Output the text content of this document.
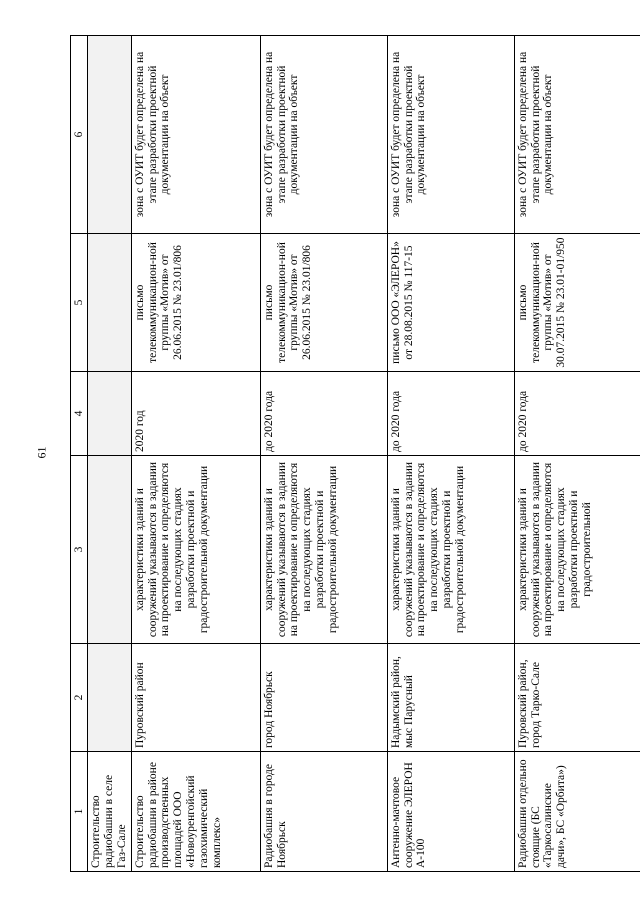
61
1	2	3	4	5	6
Строительство радиобашни в селе Газ-Сале					
Строительство радиобашни в районе производственных площадей ООО «Новоуренгойский газохимический комплекс»	Пуровский район	характеристики зданий и сооружений указываются в задании на проектирование и определяются на последующих стадиях разработки проектной и градостроительной документации	2020 год	письмо телекоммуникацион-ной группы «Мотив» от 26.06.2015 № 23.01/806	зона с ОУИТ будет определена на этапе разработки проектной документации на объект
Радиобашня в городе Ноябрьск	город Ноябрьск	характеристики зданий и сооружений указываются в задании на проектирование и определяются на последующих стадиях разработки проектной и градостроительной документации	до 2020 года	письмо телекоммуникацион-ной группы «Мотив» от 26.06.2015 № 23.01/806	зона с ОУИТ будет определена на этапе разработки проектной документации на объект
Антенно-мачтовое сооружение ЭЛЕРОН А-100	Надымский район, мыс Парусный	характеристики зданий и сооружений указываются в задании на проектирование и определяются на последующих стадиях разработки проектной и градостроительной документации	до 2020 года	письмо ООО «ЭЛЕРОН» от 28.08.2015 № 117-15	зона с ОУИТ будет определена на этапе разработки проектной документации на объект
Радиобашни отдельно стоящие (БС «Таркосалинские дачи», БС «Орбита»)	Пуровский район, город Тарко-Сале	характеристики зданий и сооружений указываются в задании на проектирование и определяются на последующих стадиях разработки проектной и градостроительной	до 2020 года	письмо телекоммуникацион-ной группы «Мотив» от 30.07.2015 № 23.01-01/950	зона с ОУИТ будет определена на этапе разработки проектной документации на объект
